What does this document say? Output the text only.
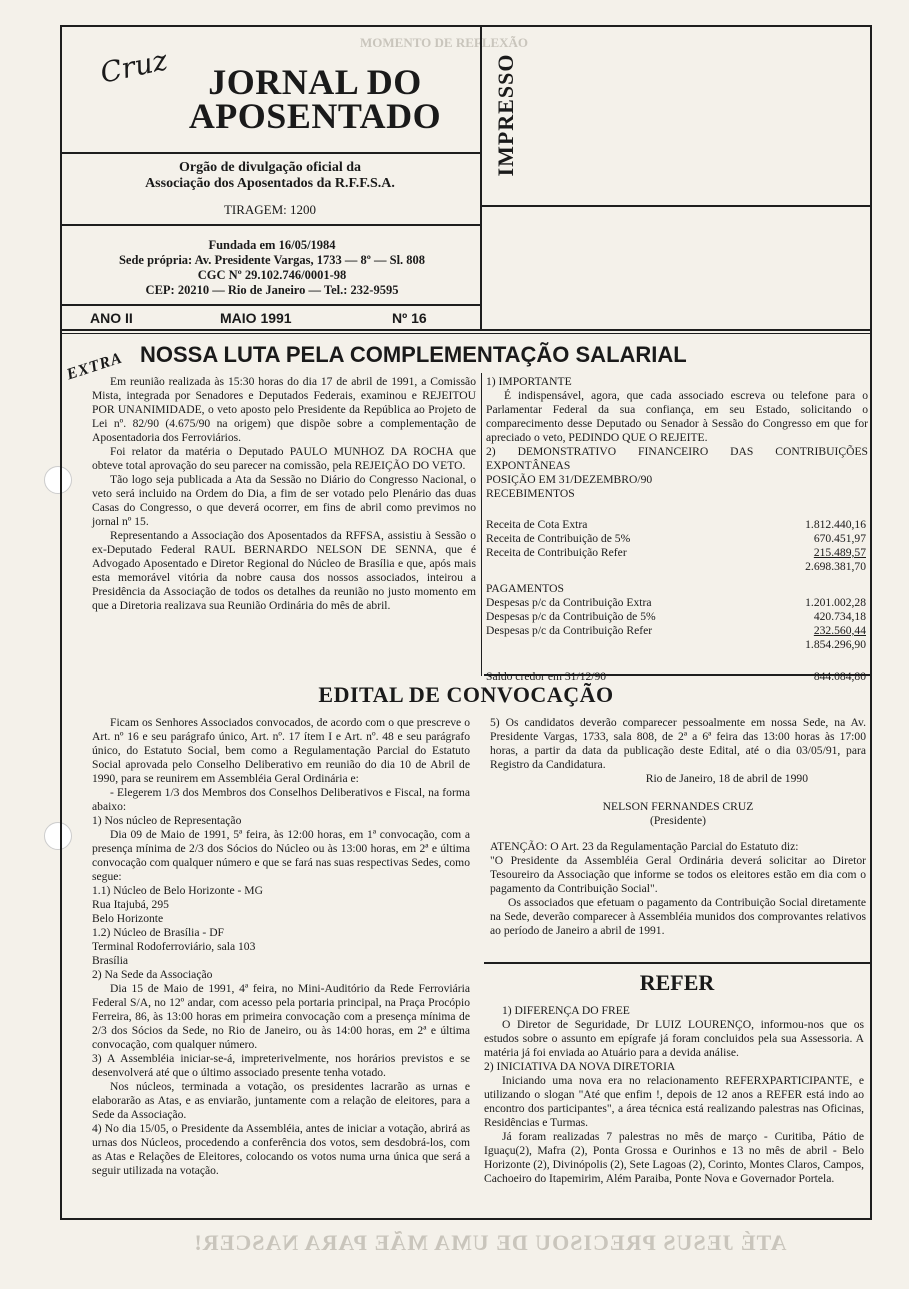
MOMENTO DE REFLEXÃO
ATÉ JESUS PRECISOU DE UMA MÃE PARA NASCER!
Cruz	JORNAL DO
APOSENTADO	IMPRESSO
Orgão de divulgação oficial da
Associação dos Aposentados da R.F.F.S.A.
TIRAGEM: 1200
Fundada em 16/05/1984
Sede própria: Av. Presidente Vargas, 1733 — 8º — Sl. 808
CGC Nº 29.102.746/0001-98
CEP: 20210 — Rio de Janeiro — Tel.: 232-9595
ANO II	MAIO 1991	Nº 16
EXTRA NOSSA LUTA PELA COMPLEMENTAÇÃO SALARIAL

Em reunião realizada às 15:30 horas do dia 17 de abril de 1991, a Comissão Mista, integrada por Senadores e Deputados Federais, examinou e REJEITOU POR UNANIMIDADE, o veto aposto pelo Presidente da República ao Projeto de Lei nº. 82/90 (4.675/90 na origem) que dispõe sobre a complementação de Aposentadoria dos Ferroviários.

Foi relator da matéria o Deputado PAULO MUNHOZ DA ROCHA que obteve total aprovação do seu parecer na comissão, pela REJEIÇÃO DO VETO.

Tão logo seja publicada a Ata da Sessão no Diário do Congresso Nacional, o veto será incluido na Ordem do Dia, a fim de ser votado pelo Plenário das duas Casas do Congresso, o que deverá ocorrer, em fins de abril como previmos no jornal nº 15.

Representando a Associação dos Aposentados da RFFSA, assistiu à Sessão o ex-Deputado Federal RAUL BERNARDO NELSON DE SENNA, que é Advogado Aposentado e Diretor Regional do Núcleo de Brasília e que, após mais esta memorável vitória da nobre causa dos nossos associados, inteirou a Presidência da Associação de todos os detalhes da reunião no justo momento em que a Diretoria realizava sua Reunião Ordinária do mês de abril.

1) IMPORTANTE

É indispensável, agora, que cada associado escreva ou telefone para o Parlamentar Federal da sua confiança, em seu Estado, solicitando o comparecimento desse Deputado ou Senador à Sessão do Congresso em que for apreciado o veto, PEDINDO QUE O REJEITE.

2) DEMONSTRATIVO FINANCEIRO DAS CONTRIBUIÇÕES EXPONTÂNEAS

POSIÇÃO EM 31/DEZEMBRO/90

RECEBIMENTOS

Receita de Cota Extra	1.812.440,16
Receita de Contribuição de 5%	670.451,97
Receita de Contribuição Refer	215.489,57
2.698.381,70
PAGAMENTOS
Despesas p/c da Contribuição Extra	1.201.002,28
Despesas p/c da Contribuição de 5%	420.734,18
Despesas p/c da Contribuição Refer	232.560,44
1.854.296,90
Saldo credor em 31/12/90	844.084,80
EDITAL DE CONVOCAÇÃO

Ficam os Senhores Associados convocados, de acordo com o que prescreve o Art. nº 16 e seu parágrafo único, Art. nº. 17 ítem I e Art. nº. 48 e seu parágrafo único, do Estatuto Social, bem como a Regulamentação Parcial do Estatuto Social aprovada pelo Conselho Deliberativo em reunião do dia 10 de Abril de 1990, para se reunirem em Assembléia Geral Ordinária e:

- Elegerem 1/3 dos Membros dos Conselhos Deliberativos e Fiscal, na forma abaixo:

1) Nos núcleo de Representação

Dia 09 de Maio de 1991, 5ª feira, às 12:00 horas, em 1ª convocação, com a presença mínima de 2/3 dos Sócios do Núcleo ou às 13:00 horas, em 2ª e última convocação com qualquer número e que se fará nas suas respectivas Sedes, como segue:

1.1) Núcleo de Belo Horizonte - MG

Rua Itajubá, 295

Belo Horizonte

1.2) Núcleo de Brasília - DF

Terminal Rodoferroviário, sala 103

Brasília

2) Na Sede da Associação

Dia 15 de Maio de 1991, 4ª feira, no Mini-Auditório da Rede Ferroviária Federal S/A, no 12º andar, com acesso pela portaria principal, na Praça Procópio Ferreira, 86, às 13:00 horas em primeira convocação com a presença mínima de 2/3 dos Sócios da Sede, no Rio de Janeiro, ou às 14:00 horas, em 2ª e última convocação, com qualquer número.

3) A Assembléia iniciar-se-á, impreterivelmente, nos horários previstos e se desenvolverá até que o último associado presente tenha votado.

Nos núcleos, terminada a votação, os presidentes lacrarão as urnas e elaborarão as Atas, e as enviarão, juntamente com a relação de eleitores, para a Sede da Associação.

4) No dia 15/05, o Presidente da Assembléia, antes de iniciar a votação, abrirá as urnas dos Núcleos, procedendo a conferência dos votos, sem desdobrá-los, com as Atas e Relações de Eleitores, colocando os votos numa urna única que será a seguir utilizada na votação.

5) Os candidatos deverão comparecer pessoalmente em nossa Sede, na Av. Presidente Vargas, 1733, sala 808, de 2ª a 6ª feira das 13:00 horas às 17:00 horas, a partir da data da publicação deste Edital, até o dia 03/05/91, para Registro da Candidatura.

Rio de Janeiro, 18 de abril de 1990
NELSON FERNANDES CRUZ
(Presidente)

ATENÇÃO: O Art. 23 da Regulamentação Parcial do Estatuto diz:

"O Presidente da Assembléia Geral Ordinária deverá solicitar ao Diretor Tesoureiro da Associação que informe se todos os eleitores estão em dia com o pagamento da Contribuição Social".

Os associados que efetuam o pagamento da Contribuição Social diretamente na Sede, deverão comparecer à Assembléia munidos dos comprovantes relativos ao período de Janeiro a abril de 1991.

REFER

1) DIFERENÇA DO FREE

O Diretor de Seguridade, Dr LUIZ LOURENÇO, informou-nos que os estudos sobre o assunto em epígrafe já foram concluidos pela sua Assessoria. A matéria já foi enviada ao Atuário para a devida análise.

2) INICIATIVA DA NOVA DIRETORIA

Iniciando uma nova era no relacionamento REFERXPARTICIPANTE, e utilizando o slogan "Até que enfim !, depois de 12 anos a REFER está indo ao encontro dos participantes", a área técnica está realizando palestras nas Oficinas, Residências e Turmas.

Já foram realizadas 7 palestras no mês de março - Curitiba, Pátio de Iguaçu(2), Mafra (2), Ponta Grossa e Ourinhos e 13 no mês de abril - Belo Horizonte (2), Divinópolis (2), Sete Lagoas (2), Corinto, Montes Claros, Campos, Cachoeiro do Itapemirim, Além Paraiba, Ponte Nova e Governador Portela.
